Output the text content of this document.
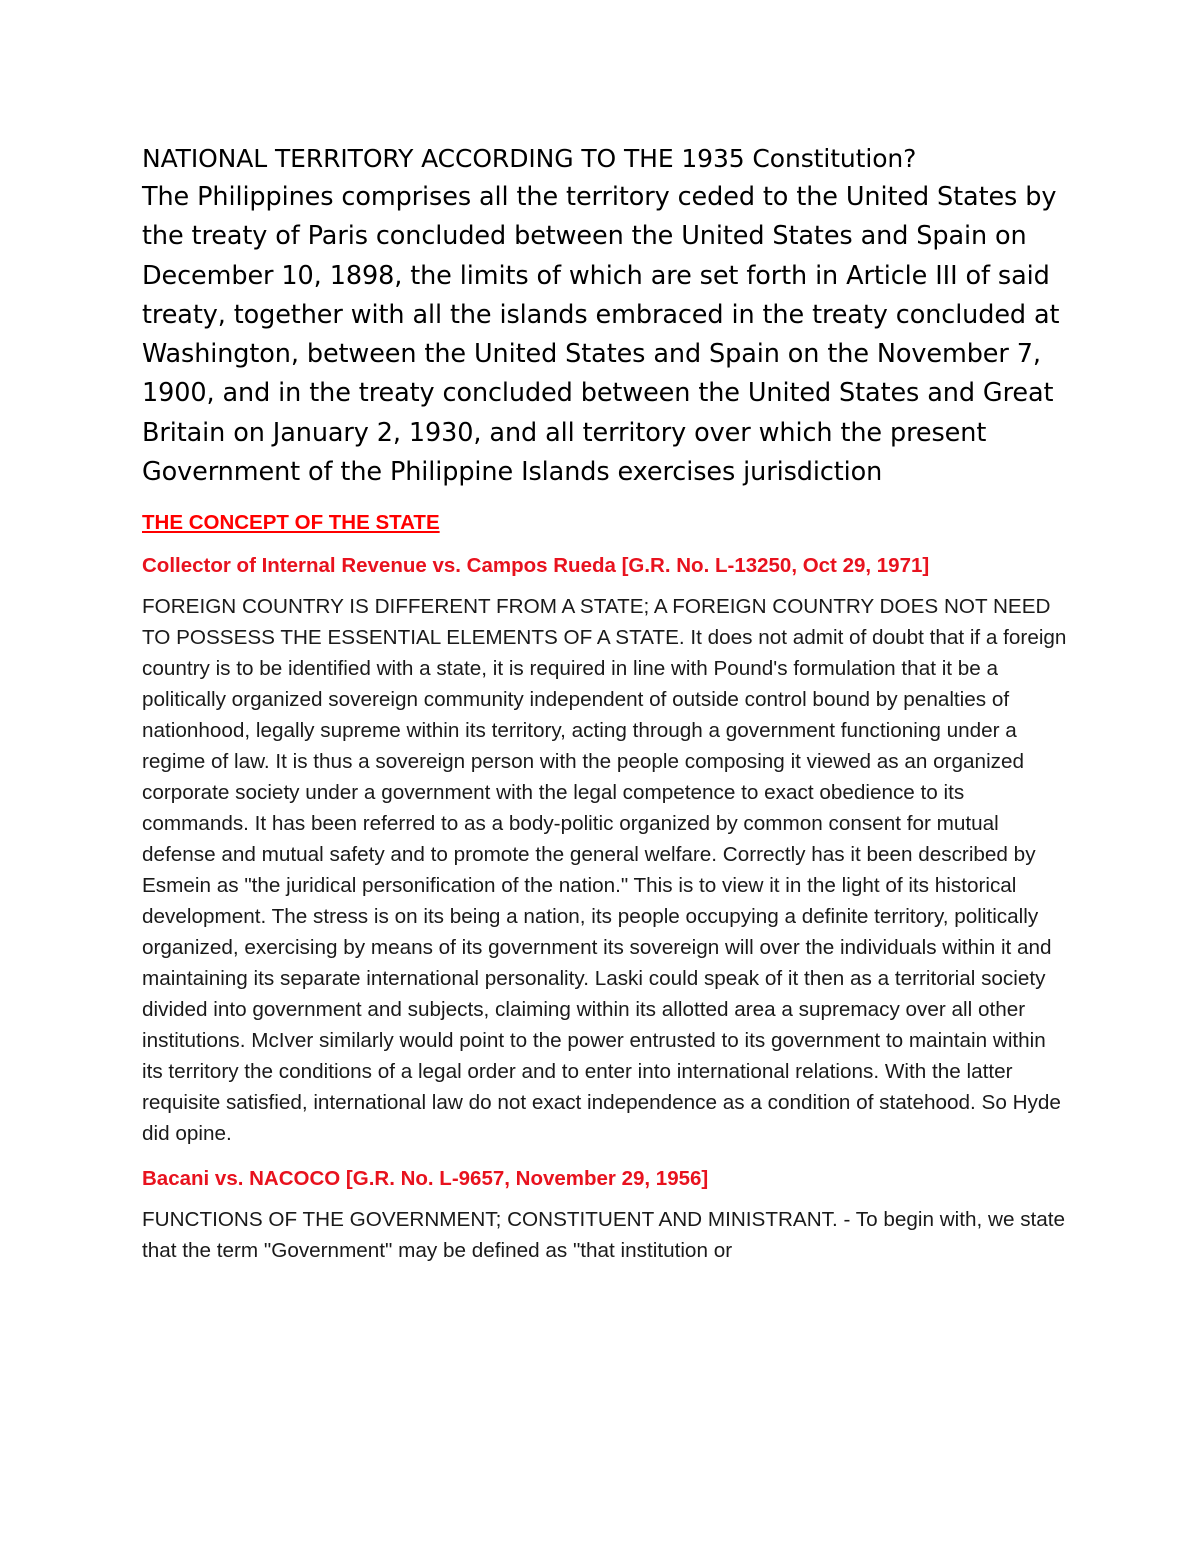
NATIONAL TERRITORY ACCORDING TO THE 1935 Constitution?

The Philippines comprises all the territory ceded to the United States by the treaty of Paris concluded between the United States and Spain on December 10, 1898, the limits of which are set forth in Article III of said treaty, together with all the islands embraced in the treaty concluded at Washington, between the United States and Spain on the November 7, 1900, and in the treaty concluded between the United States and Great Britain on January 2, 1930, and all territory over which the present Government of the Philippine Islands exercises jurisdiction

THE CONCEPT OF THE STATE

Collector of Internal Revenue vs. Campos Rueda [G.R. No. L-13250, Oct 29, 1971]

FOREIGN COUNTRY IS DIFFERENT FROM A STATE; A FOREIGN COUNTRY DOES NOT NEED TO POSSESS THE ESSENTIAL ELEMENTS OF A STATE. It does not admit of doubt that if a foreign country is to be identified with a state, it is required in line with Pound's formulation that it be a politically organized sovereign community independent of outside control bound by penalties of nationhood, legally supreme within its territory, acting through a government functioning under a regime of law. It is thus a sovereign person with the people composing it viewed as an organized corporate society under a government with the legal competence to exact obedience to its commands. It has been referred to as a body-politic organized by common consent for mutual defense and mutual safety and to promote the general welfare. Correctly has it been described by Esmein as "the juridical personification of the nation." This is to view it in the light of its historical development. The stress is on its being a nation, its people occupying a definite territory, politically organized, exercising by means of its government its sovereign will over the individuals within it and maintaining its separate international personality. Laski could speak of it then as a territorial society divided into government and subjects, claiming within its allotted area a supremacy over all other institutions. McIver similarly would point to the power entrusted to its government to maintain within its territory the conditions of a legal order and to enter into international relations. With the latter requisite satisfied, international law do not exact independence as a condition of statehood. So Hyde did opine.

Bacani vs. NACOCO [G.R. No. L-9657, November 29, 1956]

FUNCTIONS OF THE GOVERNMENT; CONSTITUENT AND MINISTRANT. - To begin with, we state that the term "Government" may be defined as "that institution or
